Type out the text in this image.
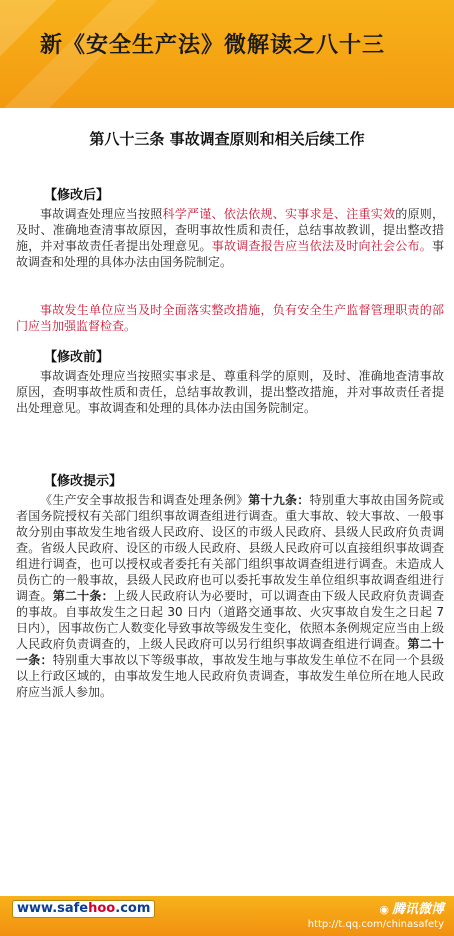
新《安全生产法》微解读之八十三
第八十三条 事故调查原则和相关后续工作
【修改后】
事故调查处理应当按照科学严谨、依法依规、实事求是、注重实效的原则，及时、准确地查清事故原因，查明事故性质和责任，总结事故教训，提出整改措施，并对事故责任者提出处理意见。事故调查报告应当依法及时向社会公布。事故调查和处理的具体办法由国务院制定。
事故发生单位应当及时全面落实整改措施，负有安全生产监督管理职责的部门应当加强监督检查。
【修改前】
事故调查处理应当按照实事求是、尊重科学的原则，及时、准确地查清事故原因，查明事故性质和责任，总结事故教训，提出整改措施，并对事故责任者提出处理意见。事故调查和处理的具体办法由国务院制定。
【修改提示】
《生产安全事故报告和调查处理条例》第十九条：特别重大事故由国务院或者国务院授权有关部门组织事故调查组进行调查。重大事故、较大事故、一般事故分别由事故发生地省级人民政府、设区的市级人民政府、县级人民政府负责调查。省级人民政府、设区的市级人民政府、县级人民政府可以直接组织事故调查组进行调查，也可以授权或者委托有关部门组织事故调查组进行调查。未造成人员伤亡的一般事故，县级人民政府也可以委托事故发生单位组织事故调查组进行调查。第二十条：上级人民政府认为必要时，可以调查由下级人民政府负责调查的事故。自事故发生之日起 30 日内（道路交通事故、火灾事故自发生之日起 7 日内），因事故伤亡人数变化导致事故等级发生变化，依照本条例规定应当由上级人民政府负责调查的，上级人民政府可以另行组织事故调查组进行调查。第二十一条：特别重大事故以下等级事故，事故发生地与事故发生单位不在同一个县级以上行政区域的，由事故发生地人民政府负责调查，事故发生单位所在地人民政府应当派人参加。
www.safehoo.com	◉ 腾讯微博
http://t.qq.com/chinasafety
